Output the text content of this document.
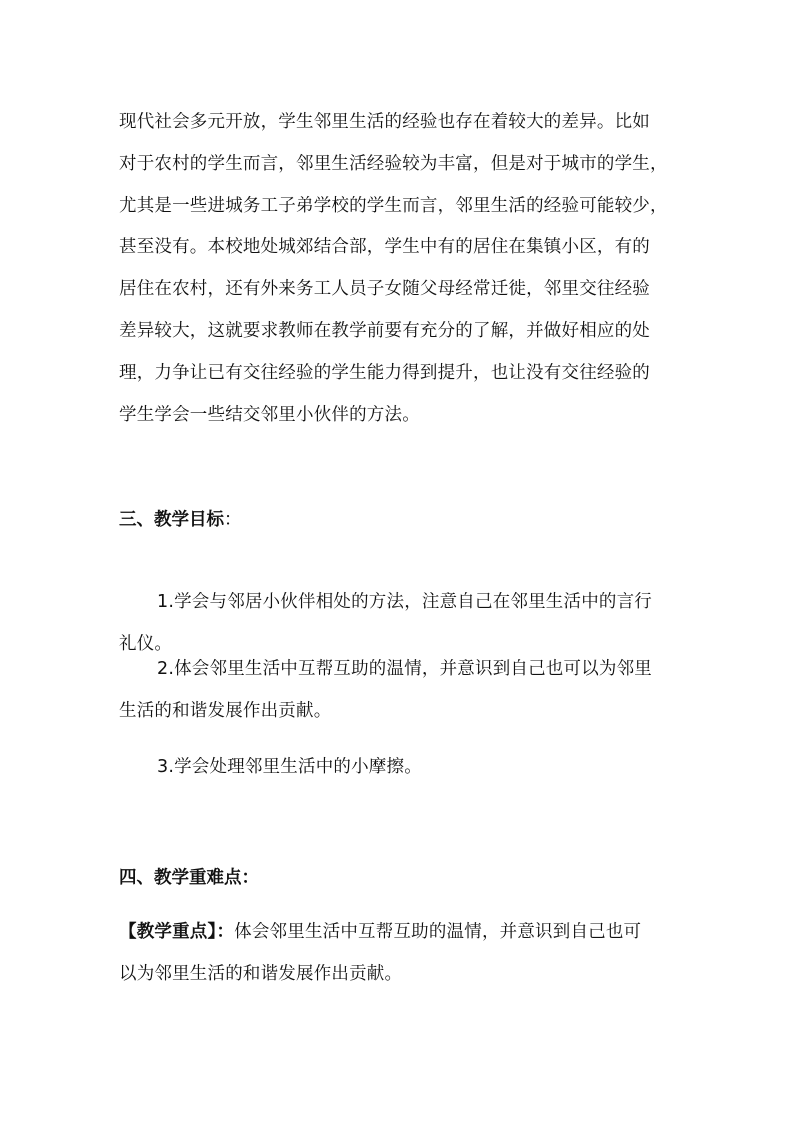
现代社会多元开放，学生邻里生活的经验也存在着较大的差异。比如
对于农村的学生而言，邻里生活经验较为丰富，但是对于城市的学生，
尤其是一些进城务工子弟学校的学生而言，邻里生活的经验可能较少，
甚至没有。本校地处城郊结合部，学生中有的居住在集镇小区，有的
居住在农村，还有外来务工人员子女随父母经常迁徙，邻里交往经验
差异较大，这就要求教师在教学前要有充分的了解，并做好相应的处
理，力争让已有交往经验的学生能力得到提升，也让没有交往经验的
学生学会一些结交邻里小伙伴的方法。
三、教学目标：
1.学会与邻居小伙伴相处的方法，注意自己在邻里生活中的言行
礼仪。
2.体会邻里生活中互帮互助的温情，并意识到自己也可以为邻里
生活的和谐发展作出贡献。
3.学会处理邻里生活中的小摩擦。
四、教学重难点：
【教学重点】：体会邻里生活中互帮互助的温情，并意识到自己也可
以为邻里生活的和谐发展作出贡献。
